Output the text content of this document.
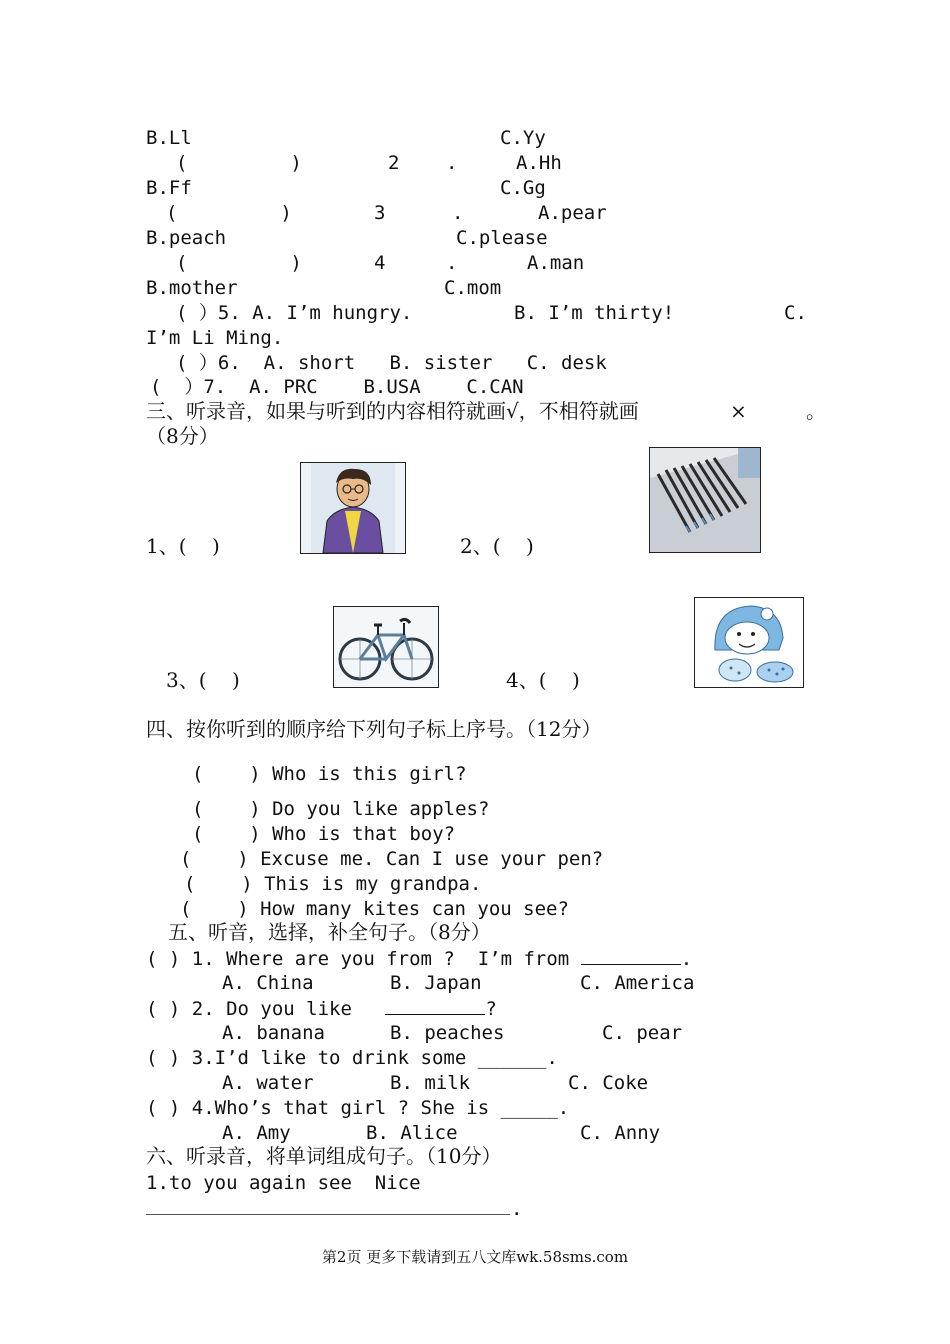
B.Ll	C.Yy
(         )	2 .	A.Hh
B.Ff	C.Gg
(         )	3	.	A.pear
B.peach	C.please
(         )	4	.	A.man
B.mother	C.mom
( ）5. A. I’m hungry.	B. I’m thirty!	C.
I’m Li Ming.
( ）6.  A. short   B. sister   C. desk
(  ）7.  A. PRC    B.USA    C.CAN
三、听录音，如果与听到的内容相符就画√，不相符就画	×	。
（8分）
1、(    )	2、(    )
3、(    )	4、(    )
四、按你听到的顺序给下列句子标上序号。（12分）
(    ) Who is this girl?
(    ) Do you like apples?
(    ) Who is that boy?
(    ) Excuse me. Can I use your pen?
(    ) This is my grandpa.
(    ) How many kites can you see?
五、听音，选择，补全句子。（8分）
( ) 1. Where are you from ?  I’m from	.
A. China	B. Japan	C. America
( ) 2. Do you like	?
A. banana	B. peaches	C. pear
( ) 3.I’d like to drink some ______.
A. water	B. milk	C. Coke
( ) 4.Who’s that girl ? She is _____.
A. Amy	B. Alice	C. Anny
六、听录音，将单词组成句子。（10分）
1.to you again see  Nice
.
第2页 更多下载请到五八文库wk.58sms.com
